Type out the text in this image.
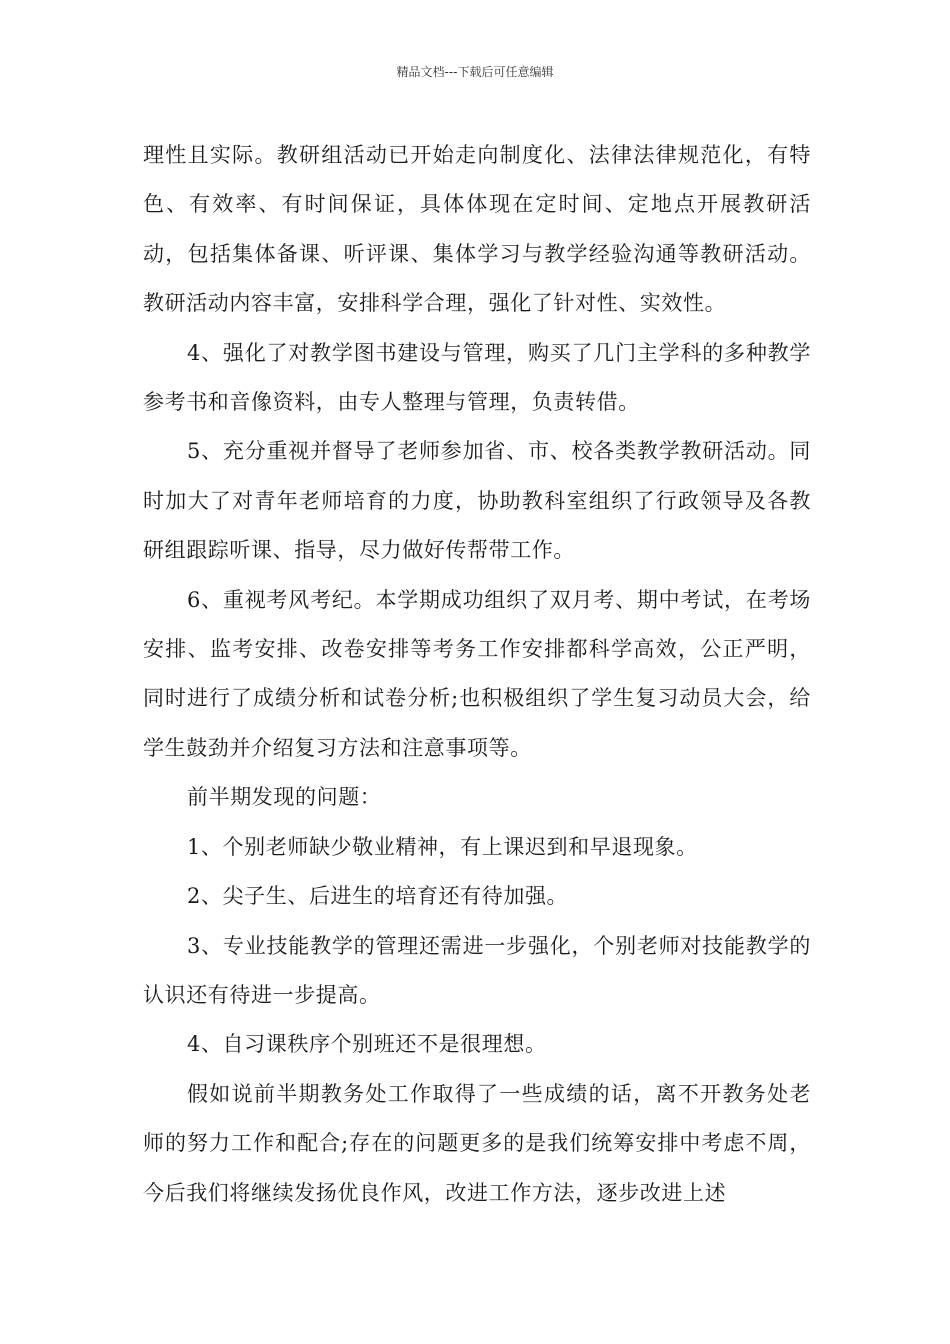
精品文档---下载后可任意编辑

理性且实际。教研组活动已开始走向制度化、法律法律规范化，有特色、有效率、有时间保证，具体体现在定时间、定地点开展教研活动，包括集体备课、听评课、集体学习与教学经验沟通等教研活动。教研活动内容丰富，安排科学合理，强化了针对性、实效性。

4、强化了对教学图书建设与管理，购买了几门主学科的多种教学参考书和音像资料，由专人整理与管理，负责转借。

5、充分重视并督导了老师参加省、市、校各类教学教研活动。同时加大了对青年老师培育的力度，协助教科室组织了行政领导及各教研组跟踪听课、指导，尽力做好传帮带工作。

6、重视考风考纪。本学期成功组织了双月考、期中考试，在考场安排、监考安排、改卷安排等考务工作安排都科学高效，公正严明，同时进行了成绩分析和试卷分析;也积极组织了学生复习动员大会，给学生鼓劲并介绍复习方法和注意事项等。

前半期发现的问题：

1、个别老师缺少敬业精神，有上课迟到和早退现象。

2、尖子生、后进生的培育还有待加强。

3、专业技能教学的管理还需进一步强化，个别老师对技能教学的认识还有待进一步提高。

4、自习课秩序个别班还不是很理想。

假如说前半期教务处工作取得了一些成绩的话，离不开教务处老师的努力工作和配合;存在的问题更多的是我们统筹安排中考虑不周，今后我们将继续发扬优良作风，改进工作方法，逐步改进上述
